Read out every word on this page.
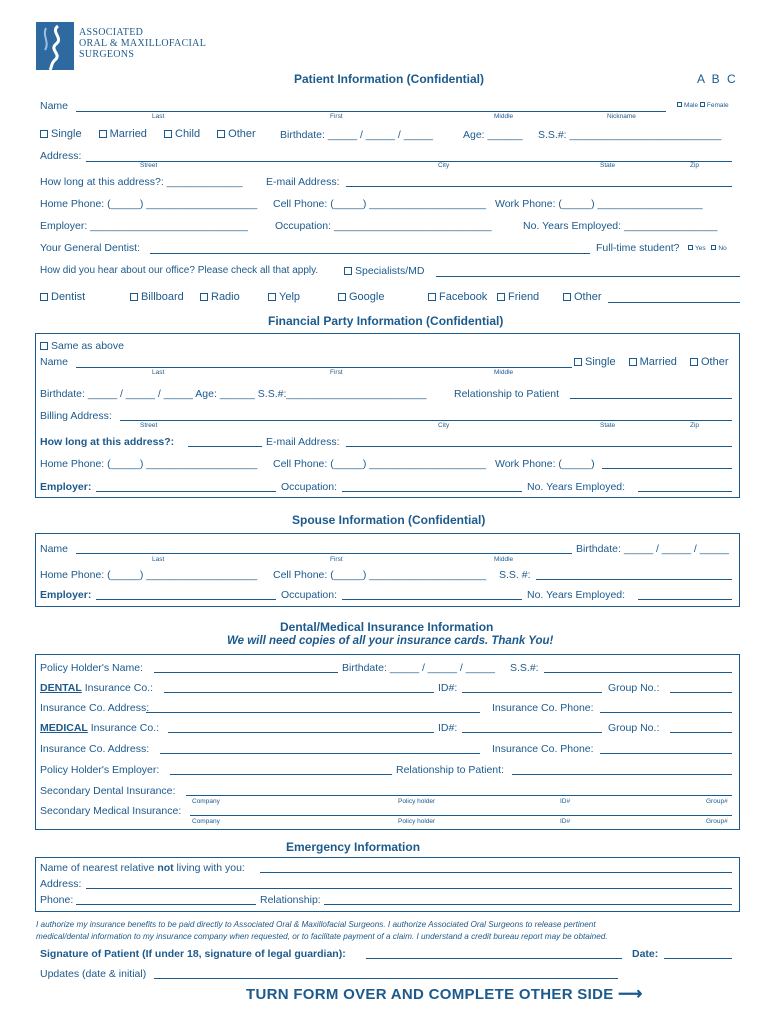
ASSOCIATED
ORAL & MAXILLOFACIAL
SURGEONS
Patient Information (Confidential)	A B C
Name
Last	First	Middle	Nickname
Male Female
Single	Married	Child	Other Birthdate: _____ / _____ / _____	Age: ______ S.S.#: __________________________
Address:
Street	City	State	Zip
How long at this address?: _____________ E-mail Address:
Home Phone: (_____) ___________________ Cell Phone: (_____) ____________________ Work Phone: (_____) __________________
Employer: ___________________________	Occupation: ___________________________	No. Years Employed: ________________
Your General Dentist:	Full-time student?	Yes No
How did you hear about our office? Please check all that apply.	Specialists/MD
Dentist	Billboard	Radio	Yelp	Google	Facebook	Friend	Other
Financial Party Information (Confidential)
Same as above
Name
Last	First	Middle
Single Married Other
Birthdate: _____ / _____ / _____ Age: ______ S.S.#:________________________	Relationship to Patient
Billing Address:
Street	City	State	Zip
How long at this address?:	E-mail Address:
Home Phone: (_____) ___________________ Cell Phone: (_____) ____________________ Work Phone: (_____)
Employer:	Occupation:	No. Years Employed:
Spouse Information (Confidential)
Name
Last	First	Middle
Birthdate: _____ / _____ / _____
Home Phone: (_____) ___________________ Cell Phone: (_____) ____________________ S.S. #:
Employer:	Occupation:	No. Years Employed:
Dental/Medical Insurance Information
We will need copies of all your insurance cards. Thank You!
Policy Holder's Name:	Birthdate: _____ / _____ / _____ S.S.#:
DENTAL Insurance Co.:	ID#:	Group No.:
Insurance Co. Address:	Insurance Co. Phone:
MEDICAL Insurance Co.:	ID#:	Group No.:
Insurance Co. Address:	Insurance Co. Phone:
Policy Holder's Employer:	Relationship to Patient:
Secondary Dental Insurance:
Company	Policy holder	ID#	Group#
Secondary Medical Insurance:
Company	Policy holder	ID#	Group#
Emergency Information
Name of nearest relative not living with you:
Address:
Phone:	Relationship:
I authorize my insurance benefits to be paid directly to Associated Oral & Maxillofacial Surgeons. I authorize Associated Oral Surgeons to release pertinent
medical/dental information to my insurance company when requested, or to facilitate payment of a claim. I understand a credit bureau report may be obtained.
Signature of Patient (If under 18, signature of legal guardian):	Date:
Updates (date & initial)
TURN FORM OVER AND COMPLETE OTHER SIDE ⟶
